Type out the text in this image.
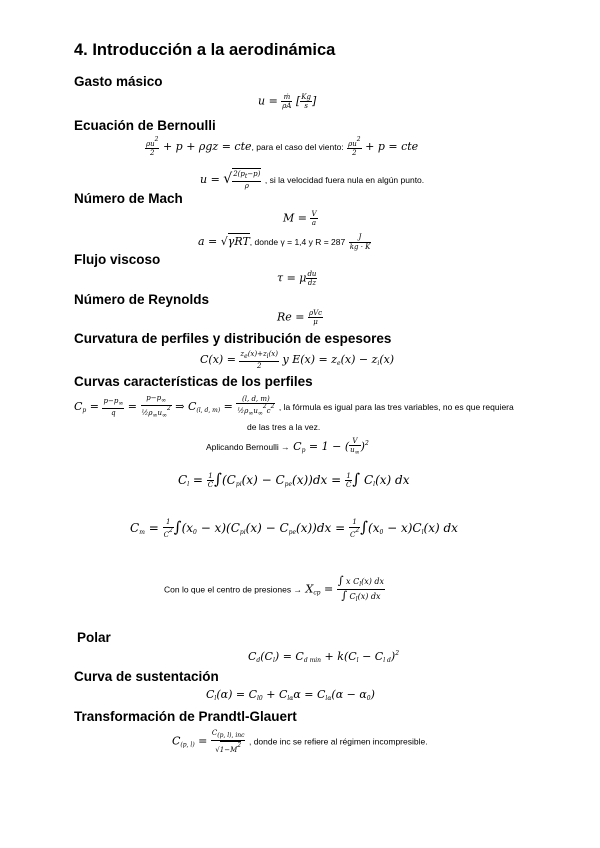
4. Introducción a la aerodinámica
Gasto másico
$u = \frac{\text{ṁ}}{\rho A}$ [ $\frac{Kg}{s}$ ]
Ecuación de Bernoulli
$\frac{\rho u2}{2} + p + \rho gz$ = cte, para el caso del viento: $\frac{\rho u2}{2} + p$ = cte
u = √ $\frac{2(pt-p)}{\rho}$ , si la velocidad fuera nula en algún punto.
Número de Mach
$M = \frac{V}{a}$
a = √γRT, donde γ = 1,4 y $R = 287 \frac{J}{kg \cdot K}$
Flujo viscoso
τ = μ $\frac{du}{dz}$
Número de Reynolds
$Re = \frac{\text{ρVc}}{\mu}$
Curvatura de perfiles y distribución de espesores
$C(x) = \frac{ze(x)+zi(x)}{2}$ y $E(x) = z_e(x) - z_i(x)$
Curvas características de los perfiles
$C_p = \frac{p-p\infty}{q} = \frac{p-p\infty}{\text{½ρ∞u∞2}}$ ⇒ $C_{(l, d, m)} = \frac{(l, d, m)}{\text{½ρ∞u∞2c2}}$ , la fórmula es igual para las tres variables, no es que requiera
de las tres a la vez.
Aplicando Bernoulli → $C_p = 1$ − ( $\frac{V}{u\infty} )^2$
$C_l = \frac{1}{C} \int(C_{pi}(x) - C_{pe}(x))dx = \frac{1}{C}$ ∫ $C_l(x)$ dx
$C_m = \frac{1}{C2} \int(x_0 - x)(C_{pi}(x) - C_{pe}(x))dx = \frac{1}{C2} \int(x_0 - x)C_l(x)$ dx
Con lo que el centro de presiones → $X_{cp} = \frac{\int x C_l(x) dx}{\int C_l(x) dx}$
Polar
$C_d(C_l) = C_{d min} + k(C_l - C_{l d})^2$
Curva de sustentación
$C_l(\alpha) = C_{l0} + C_{l\alpha}\alpha = C_{l\alpha}(\alpha - \alpha_0)$
Transformación de Prandtl-Glauert
$C_{(p, l)} = \frac{\text{C(p, l), inc}}{√1-M2}$ , donde inc se refiere al régimen incompresible.
